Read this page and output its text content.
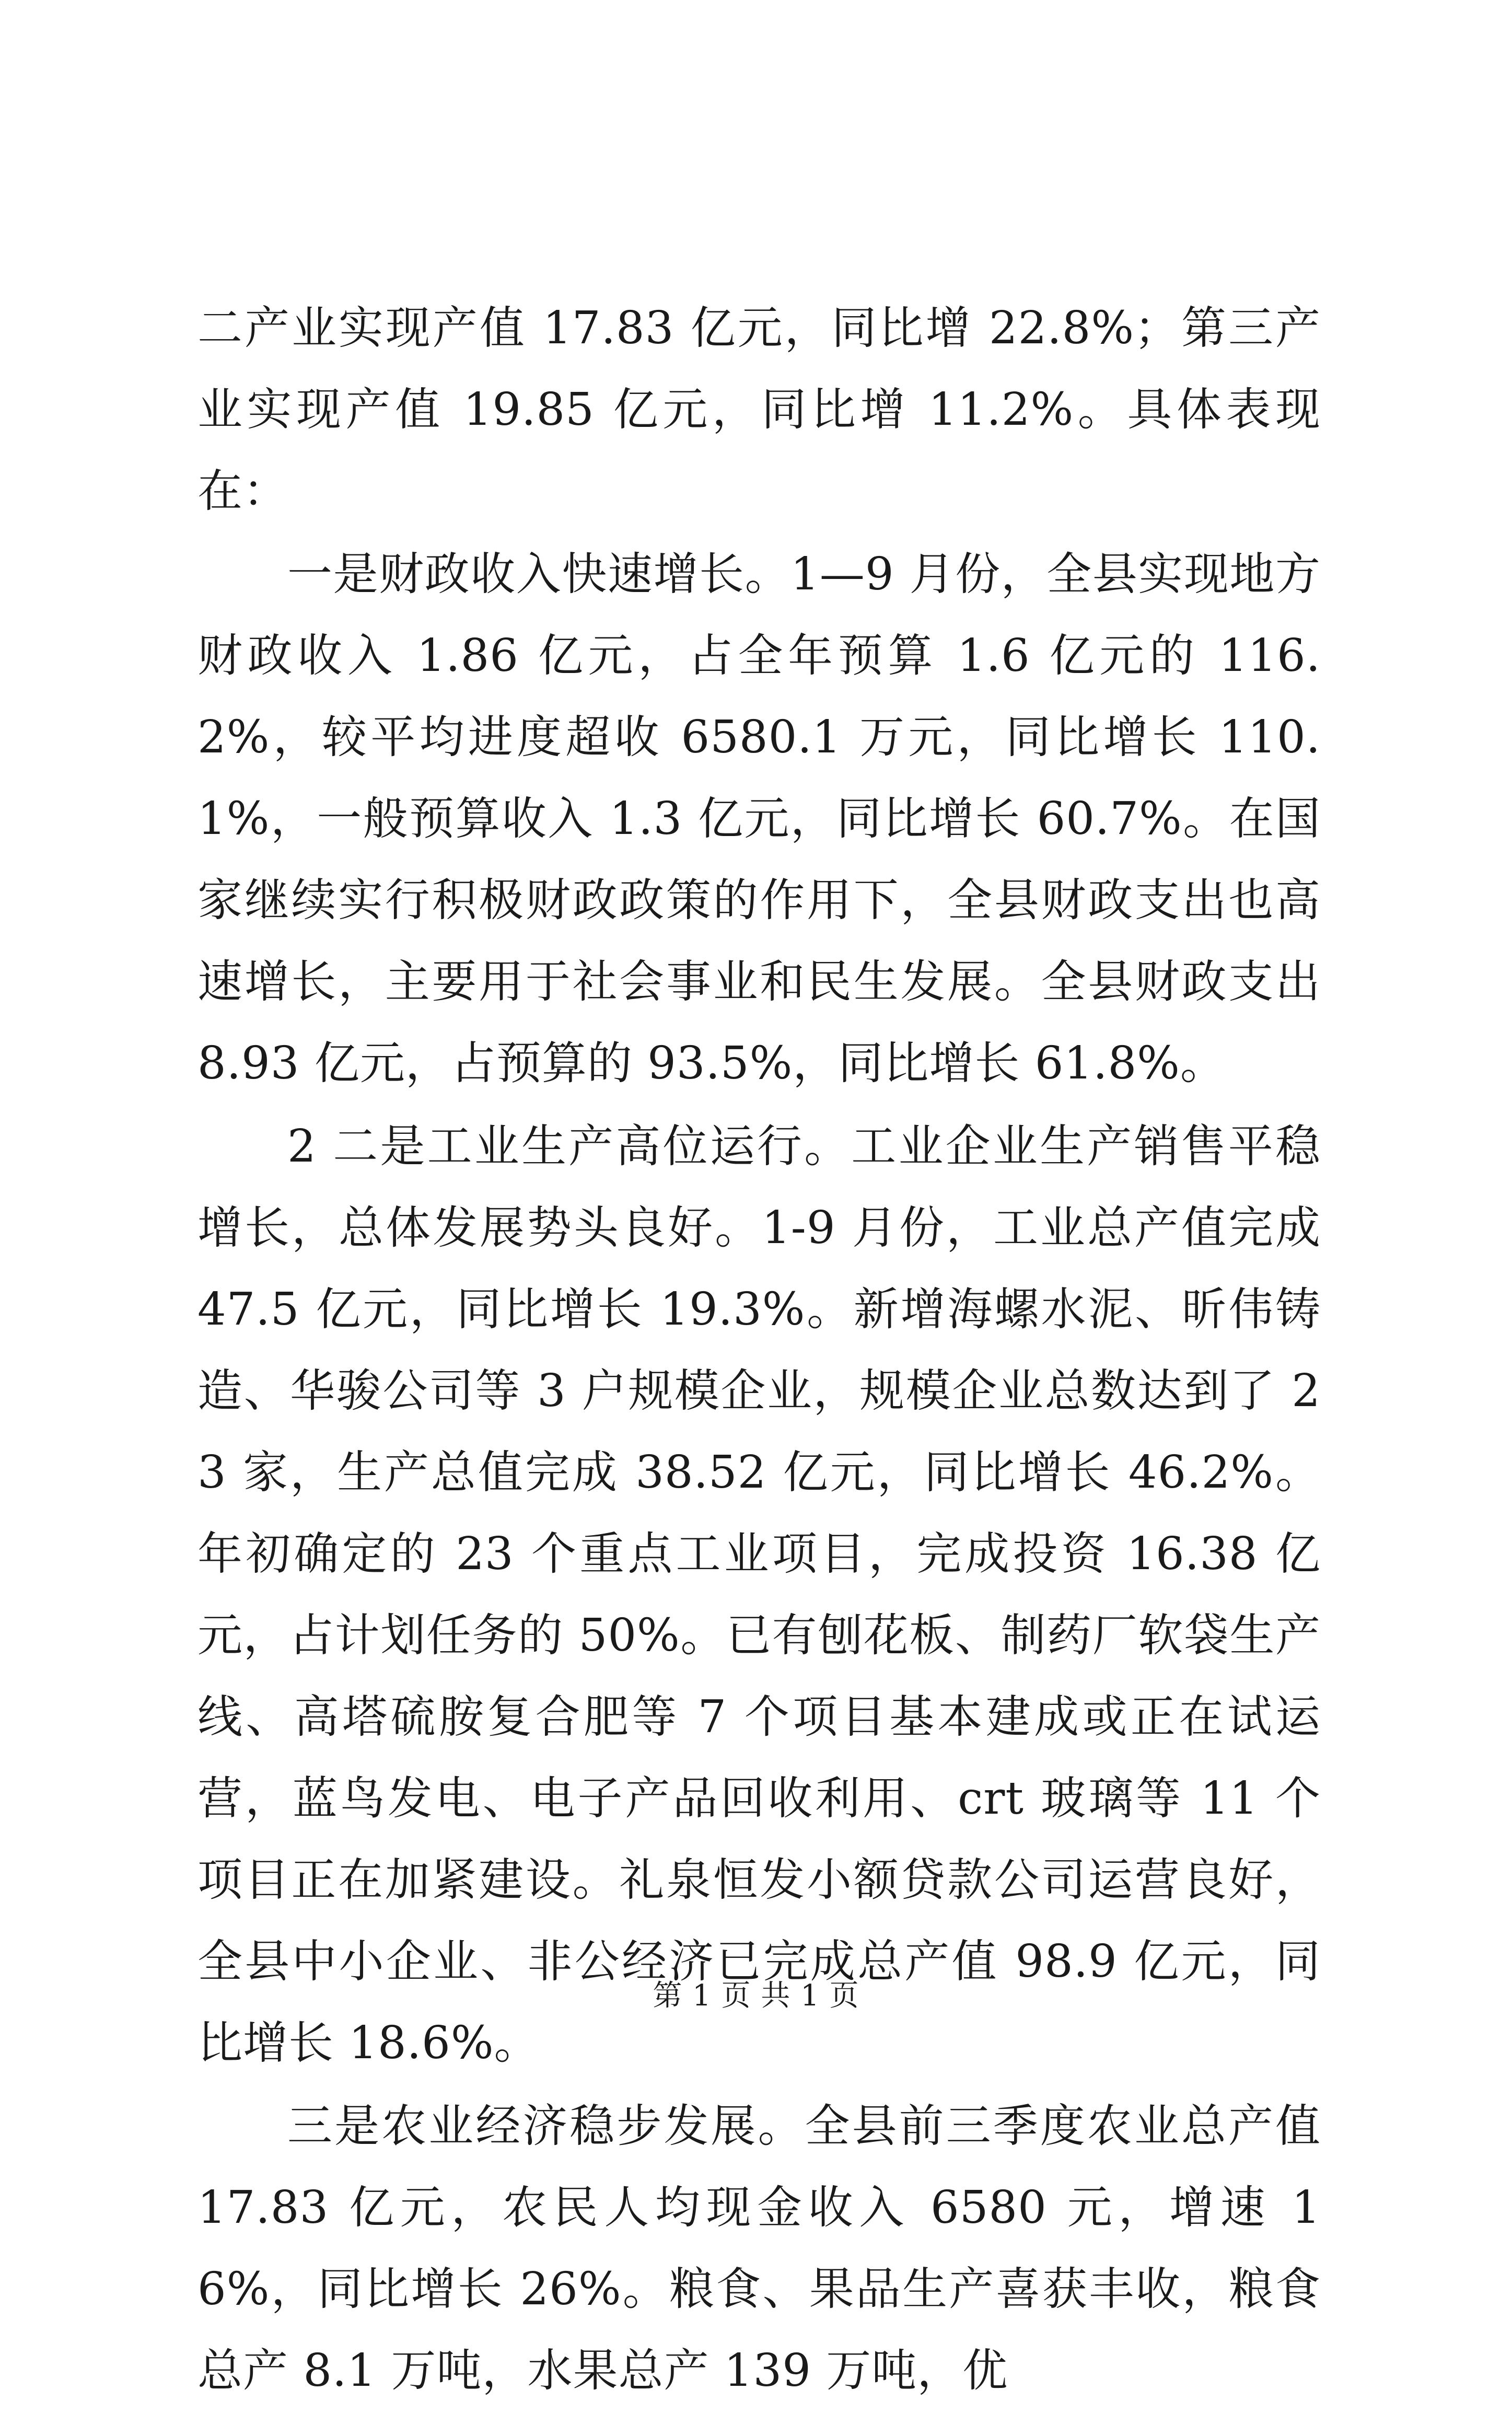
二产业实现产值 17.83 亿元，同比增 22.8%；第三产业实现产值 19.85 亿元，同比增 11.2%。具体表现在：

一是财政收入快速增长。1—9 月份，全县实现地方财政收入 1.86 亿元，占全年预算 1.6 亿元的 116.2%，较平均进度超收 6580.1 万元，同比增长 110.1%，一般预算收入 1.3 亿元，同比增长 60.7%。在国家继续实行积极财政政策的作用下，全县财政支出也高速增长，主要用于社会事业和民生发展。全县财政支出 8.93 亿元，占预算的 93.5%，同比增长 61.8%。

2 二是工业生产高位运行。工业企业生产销售平稳增长，总体发展势头良好。1-9 月份，工业总产值完成 47.5 亿元，同比增长 19.3%。新增海螺水泥、昕伟铸造、华骏公司等 3 户规模企业，规模企业总数达到了 23 家，生产总值完成 38.52 亿元，同比增长 46.2%。年初确定的 23 个重点工业项目，完成投资 16.38 亿元，占计划任务的 50%。已有刨花板、制药厂软袋生产线、高塔硫胺复合肥等 7 个项目基本建成或正在试运营，蓝鸟发电、电子产品回收利用、crt 玻璃等 11 个项目正在加紧建设。礼泉恒发小额贷款公司运营良好，全县中小企业、非公经济已完成总产值 98.9 亿元，同比增长 18.6%。

三是农业经济稳步发展。全县前三季度农业总产值 17.83 亿元，农民人均现金收入 6580 元，增速 16%，同比增长 26%。粮食、果品生产喜获丰收，粮食总产 8.1 万吨，水果总产 139 万吨，优

第 1 页 共 1 页
